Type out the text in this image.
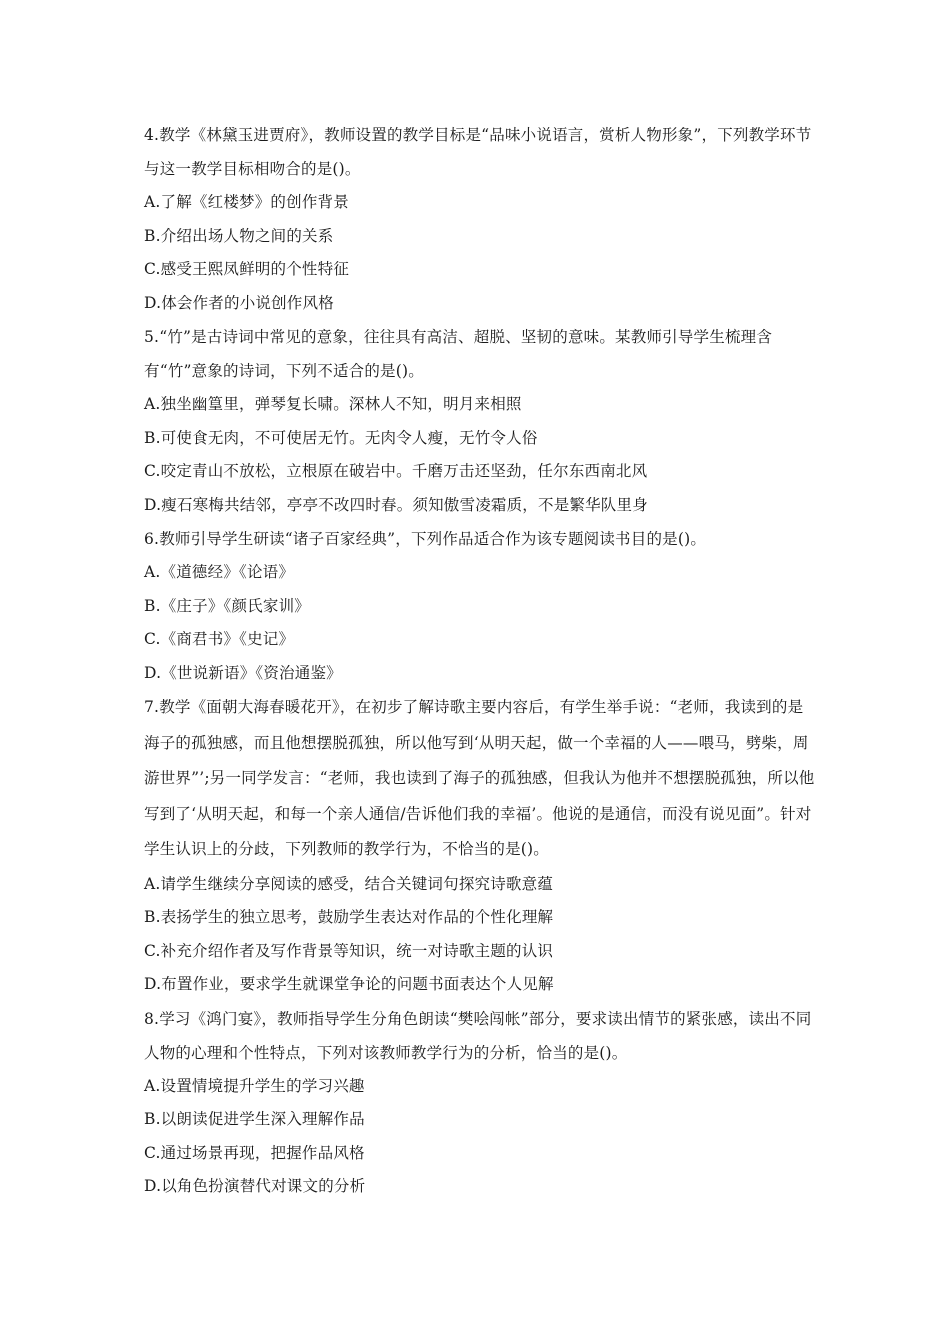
4.教学《林黛玉进贾府》，教师设置的教学目标是“品味小说语言，赏析人物形象”，下列教学环节与这一教学目标相吻合的是()。

A.了解《红楼梦》的创作背景

B.介绍出场人物之间的关系

C.感受王熙凤鲜明的个性特征

D.体会作者的小说创作风格

5.“竹”是古诗词中常见的意象，往往具有高洁、超脱、坚韧的意味。某教师引导学生梳理含有“竹”意象的诗词，下列不适合的是()。

A.独坐幽篁里，弹琴复长啸。深林人不知，明月来相照

B.可使食无肉，不可使居无竹。无肉令人瘦，无竹令人俗

C.咬定青山不放松，立根原在破岩中。千磨万击还坚劲，任尔东西南北风

D.瘦石寒梅共结邻，亭亭不改四时春。须知傲雪凌霜质，不是繁华队里身

6.教师引导学生研读“诸子百家经典”，下列作品适合作为该专题阅读书目的是()。

A.《道德经》《论语》

B.《庄子》《颜氏家训》

C.《商君书》《史记》

D.《世说新语》《资治通鉴》

7.教学《面朝大海春暖花开》，在初步了解诗歌主要内容后，有学生举手说：“老师，我读到的是海子的孤独感，而且他想摆脱孤独，所以他写到‘从明天起，做一个幸福的人——喂马，劈柴，周游世界”’;另一同学发言：“老师，我也读到了海子的孤独感，但我认为他并不想摆脱孤独，所以他写到了‘从明天起，和每一个亲人通信/告诉他们我的幸福’。他说的是通信，而没有说见面”。针对学生认识上的分歧，下列教师的教学行为，不恰当的是()。

A.请学生继续分享阅读的感受，结合关键词句探究诗歌意蕴

B.表扬学生的独立思考，鼓励学生表达对作品的个性化理解

C.补充介绍作者及写作背景等知识，统一对诗歌主题的认识

D.布置作业，要求学生就课堂争论的问题书面表达个人见解

8.学习《鸿门宴》，教师指导学生分角色朗读“樊哙闯帐”部分，要求读出情节的紧张感，读出不同人物的心理和个性特点，下列对该教师教学行为的分析，恰当的是()。

A.设置情境提升学生的学习兴趣

B.以朗读促进学生深入理解作品

C.通过场景再现，把握作品风格

D.以角色扮演替代对课文的分析
